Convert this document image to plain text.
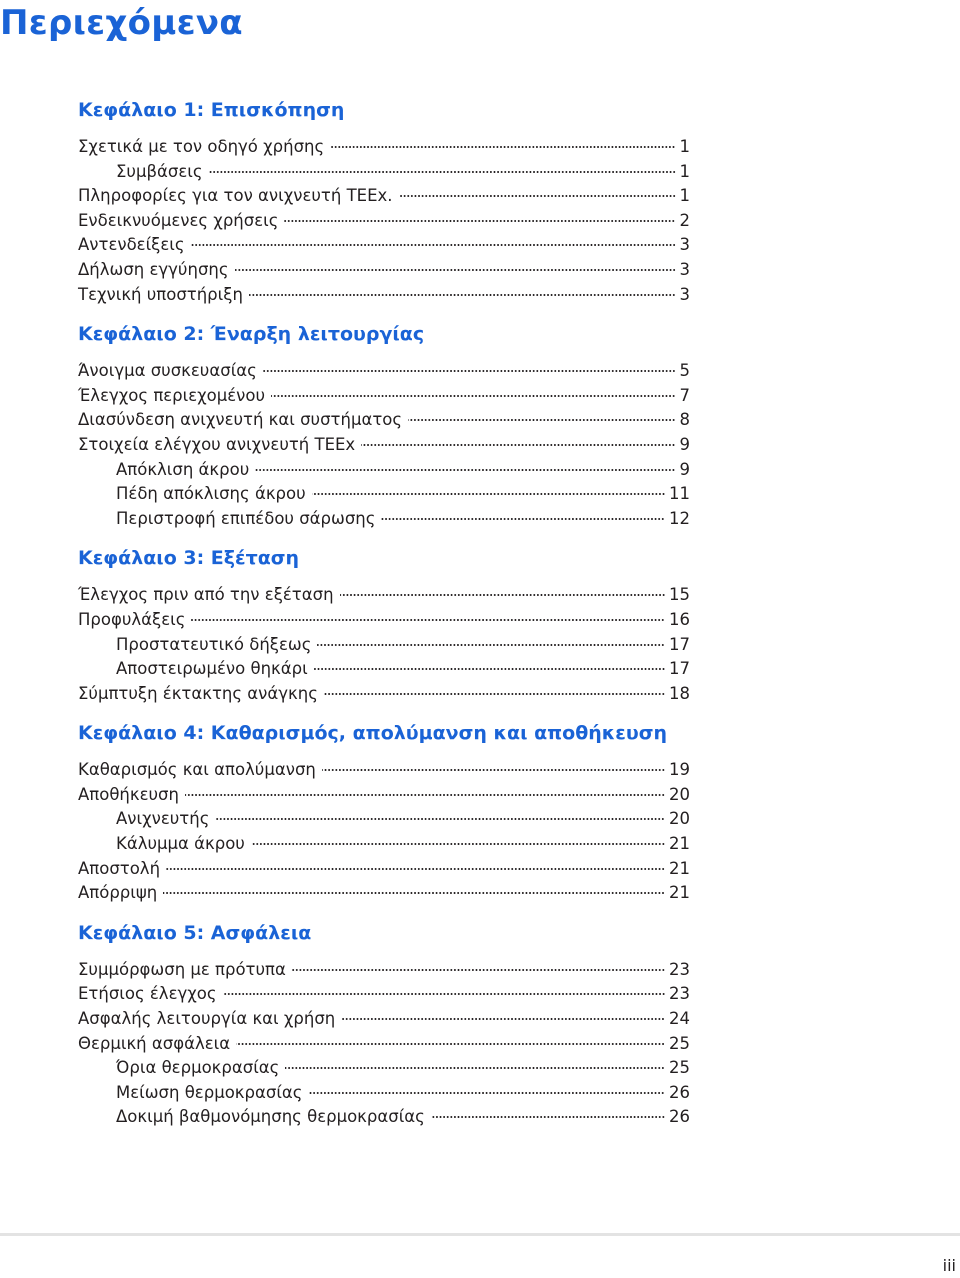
Περιεχόμενα
Κεφάλαιο 1: Επισκόπηση
Σχετικά με τον οδηγό χρήσης	1
Συμβάσεις	1
Πληροφορίες για τον ανιχνευτή TEEx.	1
Ενδεικνυόμενες χρήσεις	2
Αντενδείξεις	3
Δήλωση εγγύησης	3
Τεχνική υποστήριξη	3
Κεφάλαιο 2: Έναρξη λειτουργίας
Άνοιγμα συσκευασίας	5
Έλεγχος περιεχομένου	7
Διασύνδεση ανιχνευτή και συστήματος	8
Στοιχεία ελέγχου ανιχνευτή TEEx	9
Απόκλιση άκρου	9
Πέδη απόκλισης άκρου	11
Περιστροφή επιπέδου σάρωσης	12
Κεφάλαιο 3: Εξέταση
Έλεγχος πριν από την εξέταση	15
Προφυλάξεις	16
Προστατευτικό δήξεως	17
Αποστειρωμένο θηκάρι	17
Σύμπτυξη έκτακτης ανάγκης	18
Κεφάλαιο 4: Καθαρισμός, απολύμανση και αποθήκευση
Καθαρισμός και απολύμανση	19
Αποθήκευση	20
Ανιχνευτής	20
Κάλυμμα άκρου	21
Αποστολή	21
Απόρριψη	21
Κεφάλαιο 5: Ασφάλεια
Συμμόρφωση με πρότυπα	23
Ετήσιος έλεγχος	23
Ασφαλής λειτουργία και χρήση	24
Θερμική ασφάλεια	25
Όρια θερμοκρασίας	25
Μείωση θερμοκρασίας	26
Δοκιμή βαθμονόμησης θερμοκρασίας	26
iii
